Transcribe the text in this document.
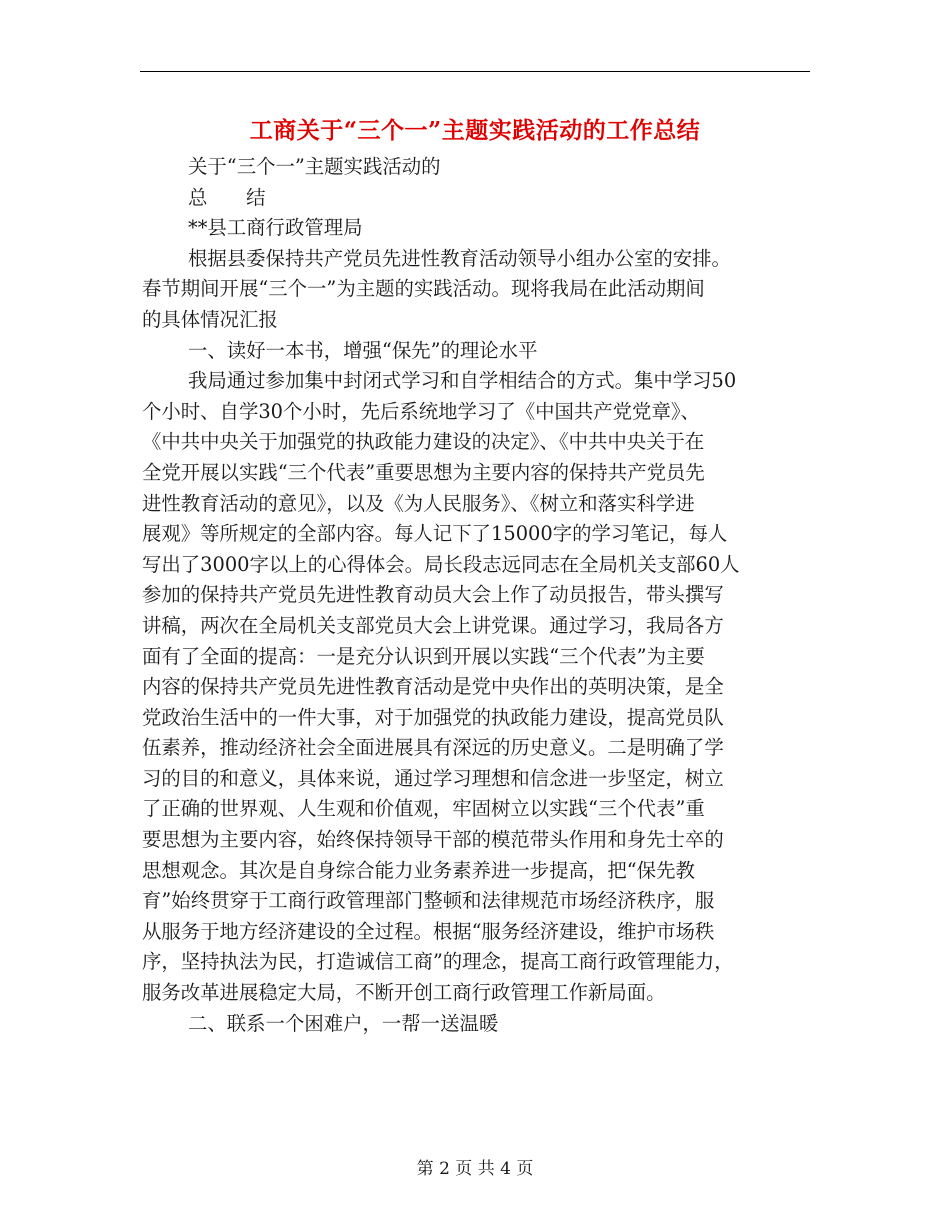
工商关于“三个一”主题实践活动的工作总结
关于“三个一”主题实践活动的
总　　结
**县工商行政管理局
根据县委保持共产党员先进性教育活动领导小组办公室的安排。
春节期间开展“三个一”为主题的实践活动。现将我局在此活动期间
的具体情况汇报
一、读好一本书，增强“保先”的理论水平
我局通过参加集中封闭式学习和自学相结合的方式。集中学习50
个小时、自学30个小时，先后系统地学习了《中国共产党党章》、
《中共中央关于加强党的执政能力建设的决定》、《中共中央关于在
全党开展以实践“三个代表”重要思想为主要内容的保持共产党员先
进性教育活动的意见》，以及《为人民服务》、《树立和落实科学进
展观》等所规定的全部内容。每人记下了15000字的学习笔记，每人
写出了3000字以上的心得体会。局长段志远同志在全局机关支部60人
参加的保持共产党员先进性教育动员大会上作了动员报告，带头撰写
讲稿，两次在全局机关支部党员大会上讲党课。通过学习，我局各方
面有了全面的提高：一是充分认识到开展以实践“三个代表”为主要
内容的保持共产党员先进性教育活动是党中央作出的英明决策，是全
党政治生活中的一件大事，对于加强党的执政能力建设，提高党员队
伍素养，推动经济社会全面进展具有深远的历史意义。二是明确了学
习的目的和意义，具体来说，通过学习理想和信念进一步坚定，树立
了正确的世界观、人生观和价值观，牢固树立以实践“三个代表”重
要思想为主要内容，始终保持领导干部的模范带头作用和身先士卒的
思想观念。其次是自身综合能力业务素养进一步提高，把“保先教
育”始终贯穿于工商行政管理部门整顿和法律规范市场经济秩序，服
从服务于地方经济建设的全过程。根据“服务经济建设，维护市场秩
序，坚持执法为民，打造诚信工商”的理念，提高工商行政管理能力，
服务改革进展稳定大局，不断开创工商行政管理工作新局面。
二、联系一个困难户，一帮一送温暖
第 2 页 共 4 页
